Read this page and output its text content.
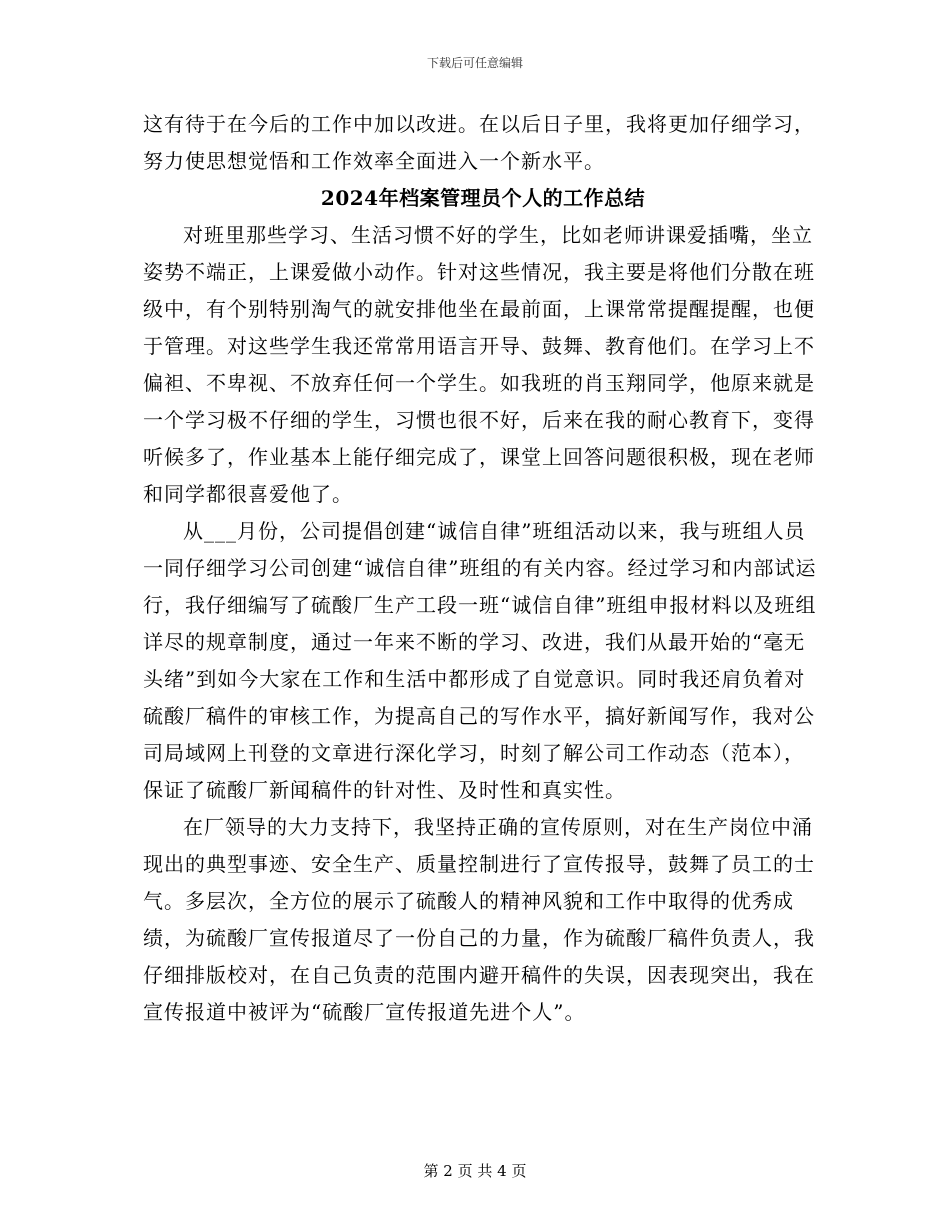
下载后可任意编辑

这有待于在今后的工作中加以改进。在以后日子里，我将更加仔细学习，努力使思想觉悟和工作效率全面进入一个新水平。

2024年档案管理员个人的工作总结

对班里那些学习、生活习惯不好的学生，比如老师讲课爱插嘴，坐立姿势不端正，上课爱做小动作。针对这些情况，我主要是将他们分散在班级中，有个别特别淘气的就安排他坐在最前面，上课常常提醒提醒，也便于管理。对这些学生我还常常用语言开导、鼓舞、教育他们。在学习上不偏袒、不卑视、不放弃任何一个学生。如我班的肖玉翔同学，他原来就是一个学习极不仔细的学生，习惯也很不好，后来在我的耐心教育下，变得听候多了，作业基本上能仔细完成了，课堂上回答问题很积极，现在老师和同学都很喜爱他了。

从___月份，公司提倡创建“诚信自律”班组活动以来，我与班组人员一同仔细学习公司创建“诚信自律”班组的有关内容。经过学习和内部试运行，我仔细编写了硫酸厂生产工段一班“诚信自律”班组申报材料以及班组详尽的规章制度，通过一年来不断的学习、改进，我们从最开始的“毫无头绪”到如今大家在工作和生活中都形成了自觉意识。同时我还肩负着对硫酸厂稿件的审核工作，为提高自己的写作水平，搞好新闻写作，我对公司局域网上刊登的文章进行深化学习，时刻了解公司工作动态（范本），保证了硫酸厂新闻稿件的针对性、及时性和真实性。

在厂领导的大力支持下，我坚持正确的宣传原则，对在生产岗位中涌现出的典型事迹、安全生产、质量控制进行了宣传报导，鼓舞了员工的士气。多层次，全方位的展示了硫酸人的精神风貌和工作中取得的优秀成绩，为硫酸厂宣传报道尽了一份自己的力量，作为硫酸厂稿件负责人，我仔细排版校对，在自己负责的范围内避开稿件的失误，因表现突出，我在宣传报道中被评为“硫酸厂宣传报道先进个人”。

第 2 页 共 4 页
